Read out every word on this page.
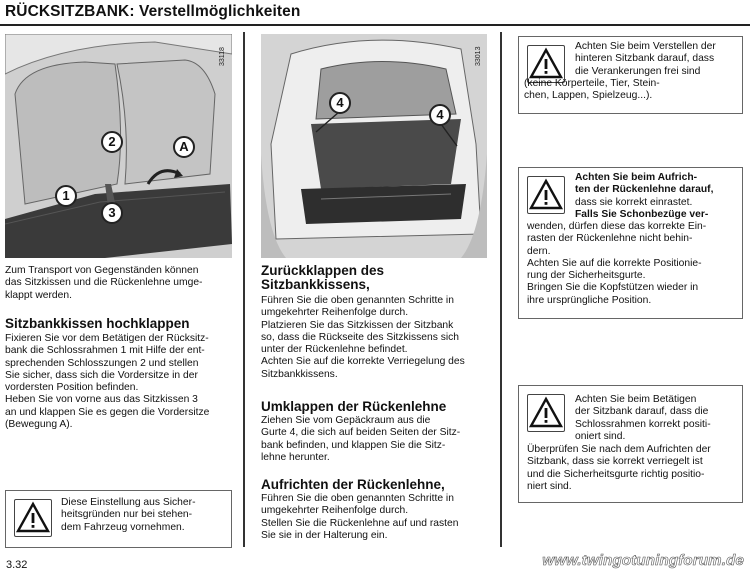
RÜCKSITZBANK: Verstellmöglichkeiten
33118
1
2
3
A
Zum Transport von Gegenständen können
das Sitzkissen und die Rückenlehne umge-
klappt werden.
Sitzbankkissen hochklappen
Fixieren Sie vor dem Betätigen der Rücksitz-
bank die Schlossrahmen 1 mit Hilfe der ent-
sprechenden Schlosszungen 2 und stellen
Sie sicher, dass sich die Vordersitze in der
vordersten Position befinden.
Heben Sie von vorne aus das Sitzkissen 3
an und klappen Sie es gegen die Vordersitze
(Bewegung A).
Diese Einstellung aus Sicher-
heitsgründen nur bei stehen-
dem Fahrzeug vornehmen.
3.32
33013
4
4
Zurückklappen des
Sitzbankkissens,
Führen Sie die oben genannten Schritte in
umgekehrter Reihenfolge durch.
Platzieren Sie das Sitzkissen der Sitzbank
so, dass die Rückseite des Sitzkissens sich
unter der Rückenlehne befindet.
Achten Sie auf die korrekte Verriegelung des
Sitzbankkissens.
Umklappen der Rückenlehne
Ziehen Sie vom Gepäckraum aus die
Gurte 4, die sich auf beiden Seiten der Sitz-
bank befinden, und klappen Sie die Sitz-
lehne herunter.
Aufrichten der Rückenlehne,
Führen Sie die oben genannten Schritte in
umgekehrter Reihenfolge durch.
Stellen Sie die Rückenlehne auf und rasten
Sie sie in der Halterung ein.
Achten Sie beim Verstellen der
hinteren Sitzbank darauf, dass
die Verankerungen frei sind
(keine Körperteile, Tier, Stein-
chen, Lappen, Spielzeug...).
Achten Sie beim Aufrich-
ten der Rückenlehne darauf,
dass sie korrekt einrastet.
Falls Sie Schonbezüge ver-
wenden, dürfen diese das korrekte Ein-
rasten der Rückenlehne nicht behin-
dern.
Achten Sie auf die korrekte Positionie-
rung der Sicherheitsgurte.
Bringen Sie die Kopfstützen wieder in
ihre ursprüngliche Position.
Achten Sie beim Betätigen
der Sitzbank darauf, dass die
Schlossrahmen korrekt positi-
oniert sind.
Überprüfen Sie nach dem Aufrichten der
Sitzbank, dass sie korrekt verriegelt ist
und die Sicherheitsgurte richtig positio-
niert sind.
www.twingotuningforum.de
